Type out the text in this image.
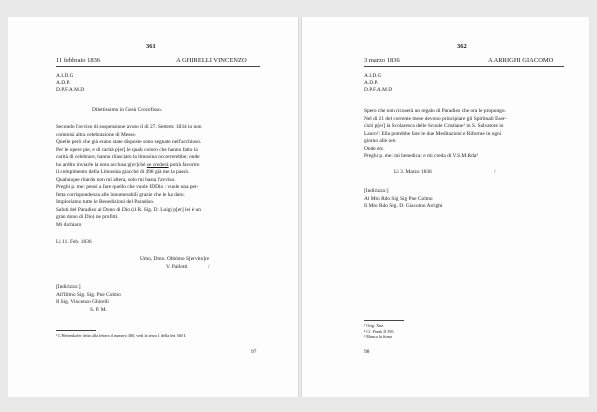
361
11 febbraio 1836	A GHIRELLI VINCENZO
A.I.D.G
A.D.P.
D.P.F.A.M.D
Dilettissimo in Gesù Crocefisso.
Secondo l'avviso di sospensione avuto il dì 27. Settem: 1834 io non
commisi altra celebrazione di Messe.
Quelle però che già erano state disposte sono segnate nell'acchiuso.
Per le opere pie, e di carità p[er] le quali coloro che hanno fatto la
carità di celebrare, hanno rilasciato la limosina occorrerebbe; onde
ho ardito inviarle la nota acclusa p[er]chè se crederà potrà favorire
il compimento della Limosina giacchè di 498 già me la passò.
Qualunque ritardo non mi altera, solo mi basta l'avviso.
Preghi p. me: pensi a fare quello che vuole IDDio : vuole una per-
fetta corrispondenza alle innumerabili grazie che le ha dato.
Imploriamo tutte le Benedizioni del Paradiso.
Saluti del Paradiso al Dono di Dio (il R. Sig. D. Luigi p[er] lei è un
gran dono di Dio) ne profitti.
Mi dichiaro
Li 11. Feb. 1836
Umo, Dmo. Obblmo S[ervito]re
V. Pallotti	/
[Indirizzo:]
All'Illmo Sig. Sig. Pne Colmo
Il Sig. Vincenzo Ghirelli
S. P. M.
¹ L'Hettenkofer detto alla lettera il numero 360, vedi la terza 1 della lett 360 I.
97
362
3 marzo 1836	A ARRIGHI GIACOMO
A.I.D.G
A.D.P.
D.P.F.A.M.D
Spero che non ricuserà un regalo di Paradiso che ora le propongo.
Nel dì 21 del corrente mese devono principiare gli Spirituali Eser-
cizii p[er] la Scolaresca delle Scuole Cristiane¹ in S. Salvatore in
Lauro²: Ella potrebbe fare le due Meditazioni e Riforme in ogni
giorno alle ore.
Onde etc.
Preghi p. me: mi benedica: e mi creda di V.S.M.Rda³
Li 3. Marzo 1836	/
[Indirizzo:]
Al Mto Rdo Sig Sig Pne Colmo
Il Mto Rdo Sig. D. Giacomo Arrighi
¹ Orig. Xne.
² Cf. Frank II 395.
³ Manca la firma
98
